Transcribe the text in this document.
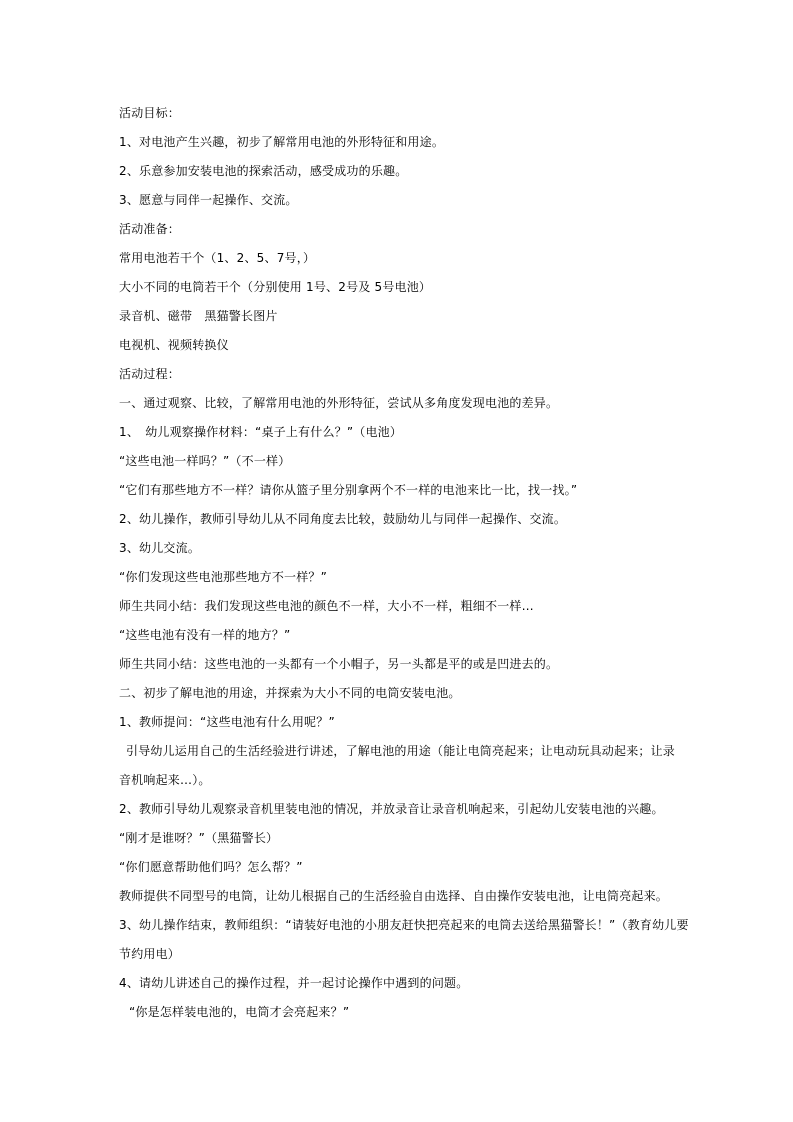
活动目标：
1、对电池产生兴趣，初步了解常用电池的外形特征和用途。
2、乐意参加安装电池的探索活动，感受成功的乐趣。
3、愿意与同伴一起操作、交流。
活动准备：
常用电池若干个（1、2、5、7号，）
大小不同的电筒若干个（分别使用 1号、2号及 5号电池）
录音机、磁带　黑猫警长图片
电视机、视频转换仪
活动过程：
一、通过观察、比较，了解常用电池的外形特征，尝试从多角度发现电池的差异。
1、　幼儿观察操作材料：“桌子上有什么？”（电池）
“这些电池一样吗？”（不一样）
“它们有那些地方不一样？请你从篮子里分别拿两个不一样的电池来比一比，找一找。”
2、幼儿操作，教师引导幼儿从不同角度去比较，鼓励幼儿与同伴一起操作、交流。
3、幼儿交流。
“你们发现这些电池那些地方不一样？”
师生共同小结：我们发现这些电池的颜色不一样，大小不一样，粗细不一样…
“这些电池有没有一样的地方？”
师生共同小结：这些电池的一头都有一个小帽子，另一头都是平的或是凹进去的。
二、初步了解电池的用途，并探索为大小不同的电筒安装电池。
1、教师提问：“这些电池有什么用呢？”
引导幼儿运用自己的生活经验进行讲述，了解电池的用途（能让电筒亮起来；让电动玩具动起来；让录
音机响起来…）。
2、教师引导幼儿观察录音机里装电池的情况，并放录音让录音机响起来，引起幼儿安装电池的兴趣。
“刚才是谁呀？”（黑猫警长）
“你们愿意帮助他们吗？怎么帮？”
教师提供不同型号的电筒，让幼儿根据自己的生活经验自由选择、自由操作安装电池，让电筒亮起来。
3、幼儿操作结束，教师组织：“请装好电池的小朋友赶快把亮起来的电筒去送给黑猫警长！”（教育幼儿要
节约用电）
4、请幼儿讲述自己的操作过程，并一起讨论操作中遇到的问题。
“你是怎样装电池的，电筒才会亮起来？”
